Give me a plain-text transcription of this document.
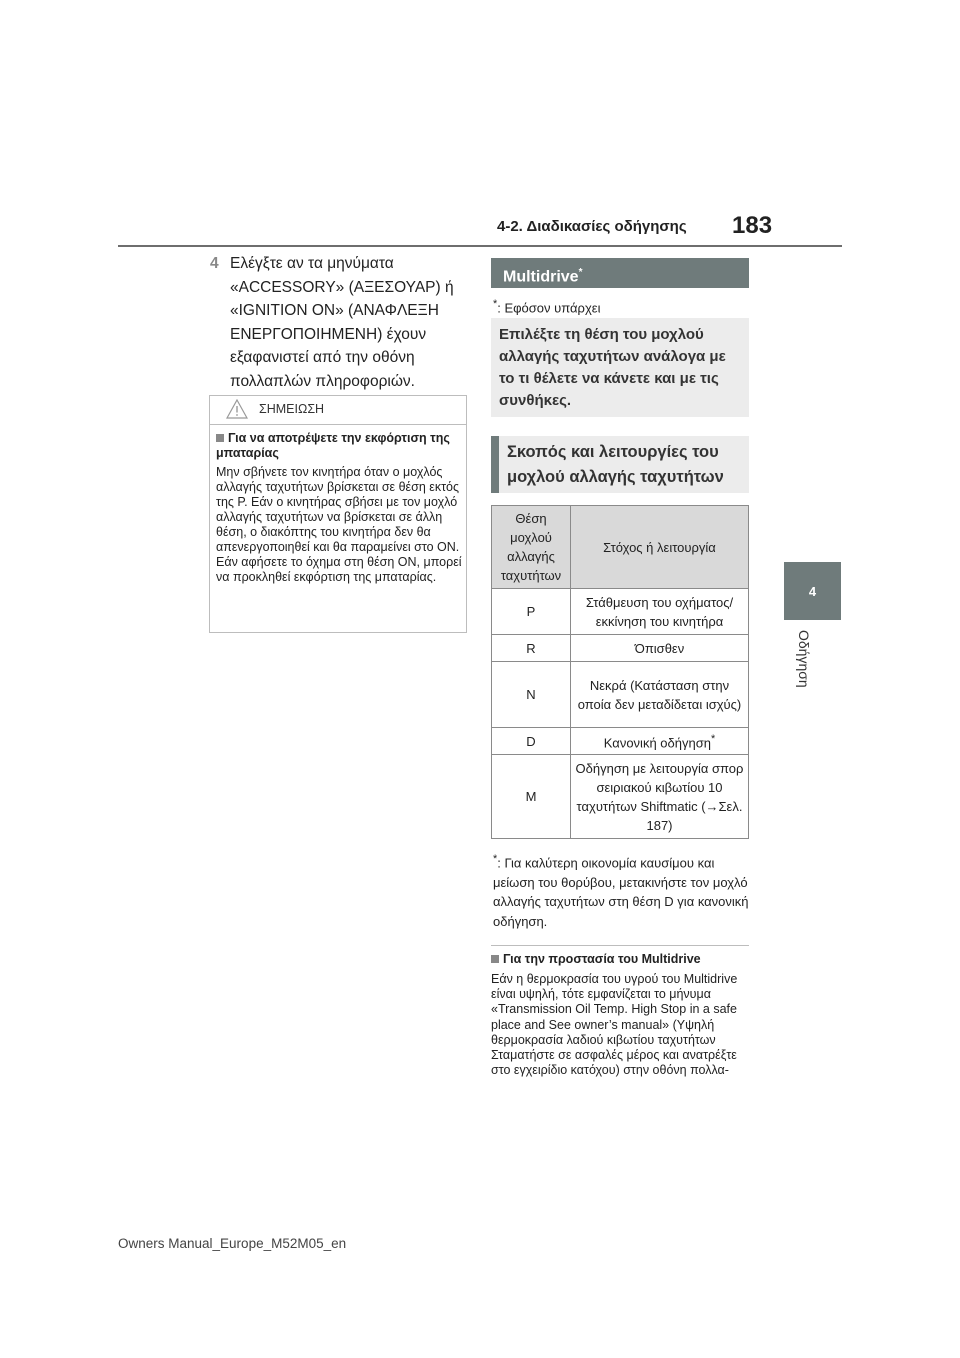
4-2. Διαδικασίες οδήγησης 183
4
Οδήγηση
4 Ελέγξτε αν τα μηνύματα «ACCESSORY» (ΑΞΕΣΟΥΑΡ) ή «IGNITION ON» (ΑΝΑΦΛΕΞΗ ΕΝΕΡΓΟΠΟΙΗΜΕΝΗ) έχουν εξαφανιστεί από την οθόνη πολλαπλών πληροφοριών.
ΣΗΜΕΙΩΣΗ
Για να αποτρέψετε την εκφόρτιση της μπαταρίας
Μην σβήνετε τον κινητήρα όταν ο μοχλός αλλαγής ταχυτήτων βρίσκεται σε θέση εκτός της P. Εάν ο κινητήρας σβήσει με τον μοχλό αλλαγής ταχυτήτων να βρίσκεται σε άλλη θέση, ο διακόπτης του κινητήρα δεν θα απενεργοποιηθεί και θα παραμείνει στο ON. Εάν αφήσετε το όχημα στη θέση ON, μπορεί να προκληθεί εκφόρτιση της μπαταρίας.
Multidrive*
*: Εφόσον υπάρχει
Επιλέξτε τη θέση του μοχλού αλλαγής ταχυτήτων ανάλογα με το τι θέλετε να κάνετε και με τις συνθήκες.
Σκοπός και λειτουργίες του μοχλού αλλαγής ταχυτήτων
Θέση μοχλού αλλαγής ταχυτήτων	Στόχος ή λειτουργία
P	Στάθμευση του οχήματος/εκκίνηση του κινητήρα
R	Όπισθεν
N	Νεκρά (Κατάσταση στην οποία δεν μεταδίδεται ισχύς)
D	Κανονική οδήγηση*
M	Οδήγηση με λειτουργία σπορ σειριακού κιβωτίου 10 ταχυτήτων Shiftmatic (→Σελ. 187)
*: Για καλύτερη οικονομία καυσίμου και μείωση του θορύβου, μετακινήστε τον μοχλό αλλαγής ταχυτήτων στη θέση D για κανονική οδήγηση.
Για την προστασία του Multidrive
Εάν η θερμοκρασία του υγρού του Multidrive είναι υψηλή, τότε εμφανίζεται το μήνυμα «Transmission Oil Temp. High Stop in a safe place and See owner’s manual» (Υψηλή θερμοκρασία λαδιού κιβωτίου ταχυτήτων Σταματήστε σε ασφαλές μέρος και ανατρέξτε στο εγχειρίδιο κατόχου) στην οθόνη πολλα-
Owners Manual_Europe_M52M05_en
